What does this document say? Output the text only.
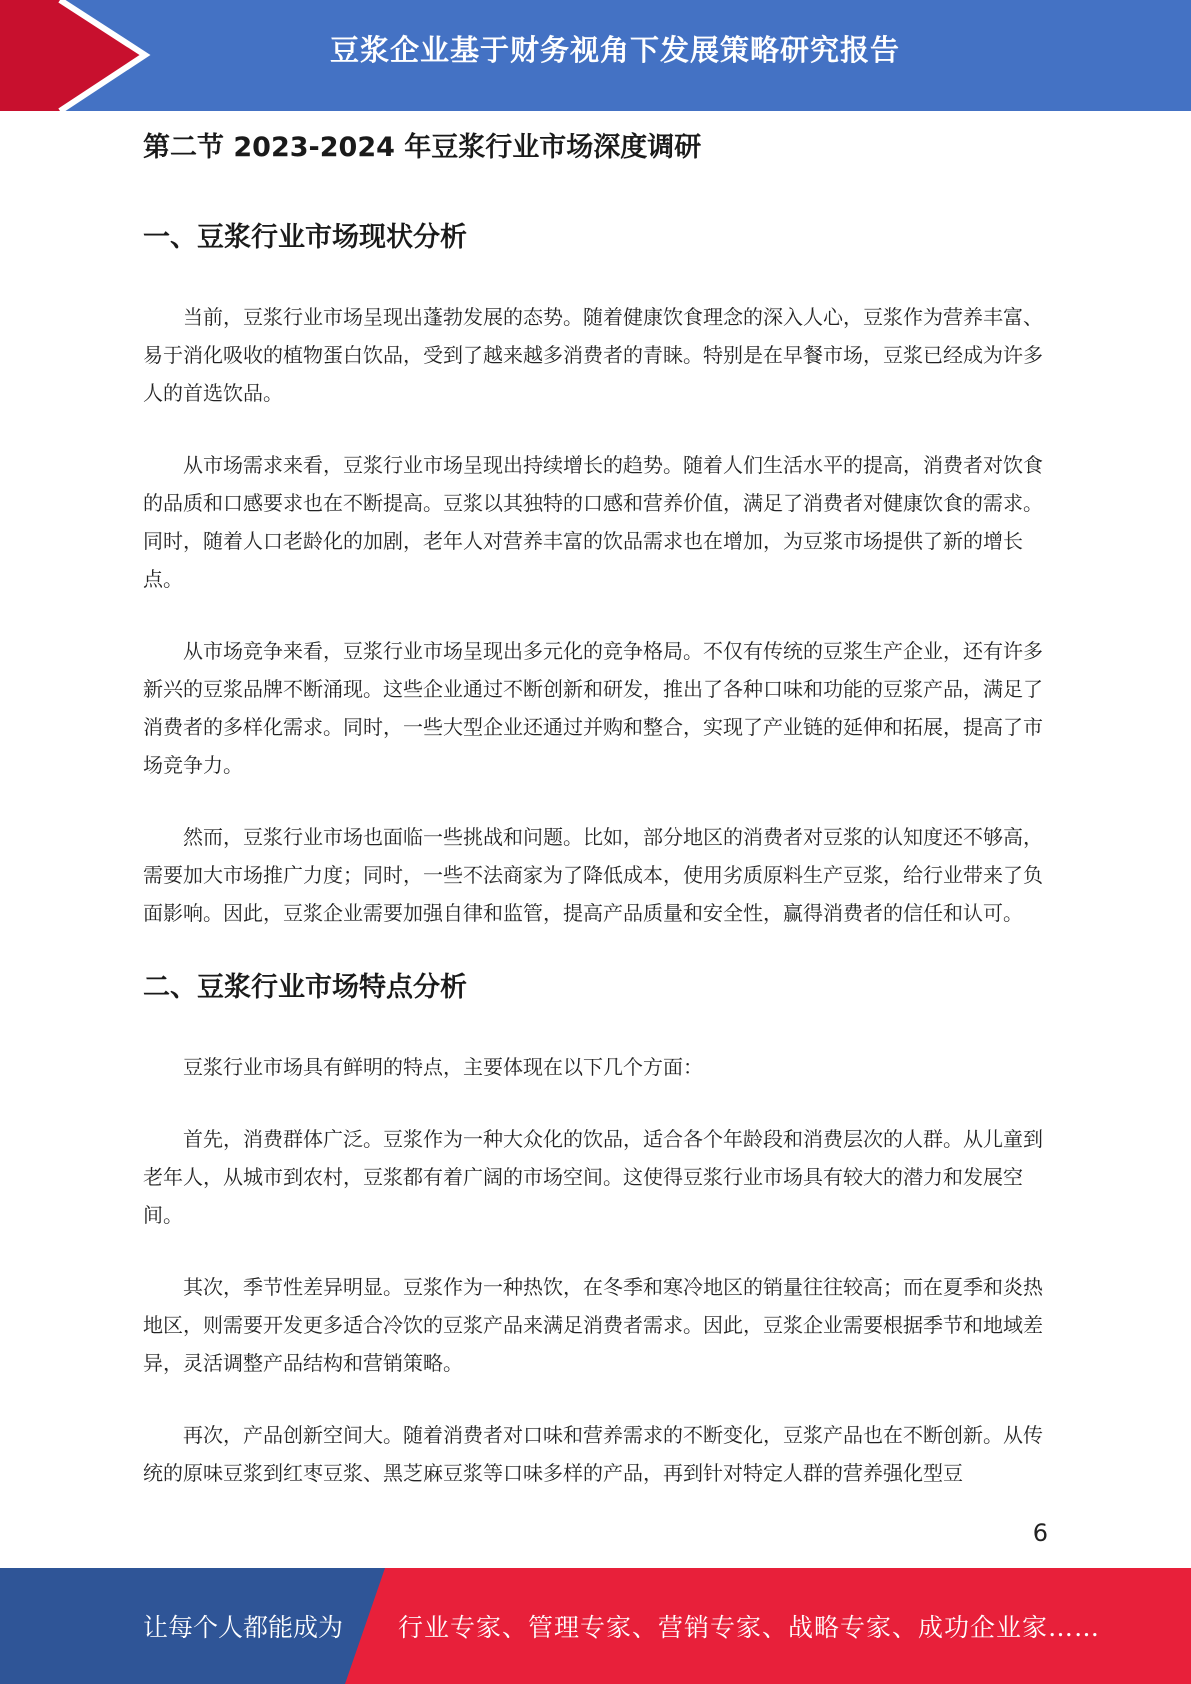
豆浆企业基于财务视角下发展策略研究报告
第二节 2023-2024 年豆浆行业市场深度调研
一、豆浆行业市场现状分析

当前，豆浆行业市场呈现出蓬勃发展的态势。随着健康饮食理念的深入人心，豆浆作为营养丰富、易于消化吸收的植物蛋白饮品，受到了越来越多消费者的青睐。特别是在早餐市场，豆浆已经成为许多人的首选饮品。

从市场需求来看，豆浆行业市场呈现出持续增长的趋势。随着人们生活水平的提高，消费者对饮食的品质和口感要求也在不断提高。豆浆以其独特的口感和营养价值，满足了消费者对健康饮食的需求。同时，随着人口老龄化的加剧，老年人对营养丰富的饮品需求也在增加，为豆浆市场提供了新的增长点。

从市场竞争来看，豆浆行业市场呈现出多元化的竞争格局。不仅有传统的豆浆生产企业，还有许多新兴的豆浆品牌不断涌现。这些企业通过不断创新和研发，推出了各种口味和功能的豆浆产品，满足了消费者的多样化需求。同时，一些大型企业还通过并购和整合，实现了产业链的延伸和拓展，提高了市场竞争力。

然而，豆浆行业市场也面临一些挑战和问题。比如，部分地区的消费者对豆浆的认知度还不够高，需要加大市场推广力度；同时，一些不法商家为了降低成本，使用劣质原料生产豆浆，给行业带来了负面影响。因此，豆浆企业需要加强自律和监管，提高产品质量和安全性，赢得消费者的信任和认可。

二、豆浆行业市场特点分析

豆浆行业市场具有鲜明的特点，主要体现在以下几个方面：

首先，消费群体广泛。豆浆作为一种大众化的饮品，适合各个年龄段和消费层次的人群。从儿童到老年人，从城市到农村，豆浆都有着广阔的市场空间。这使得豆浆行业市场具有较大的潜力和发展空间。

其次，季节性差异明显。豆浆作为一种热饮，在冬季和寒冷地区的销量往往较高；而在夏季和炎热地区，则需要开发更多适合冷饮的豆浆产品来满足消费者需求。因此，豆浆企业需要根据季节和地域差异，灵活调整产品结构和营销策略。

再次，产品创新空间大。随着消费者对口味和营养需求的不断变化，豆浆产品也在不断创新。从传统的原味豆浆到红枣豆浆、黑芝麻豆浆等口味多样的产品，再到针对特定人群的营养强化型豆

6
让每个人都能成为 行业专家、管理专家、营销专家、战略专家、成功企业家……
